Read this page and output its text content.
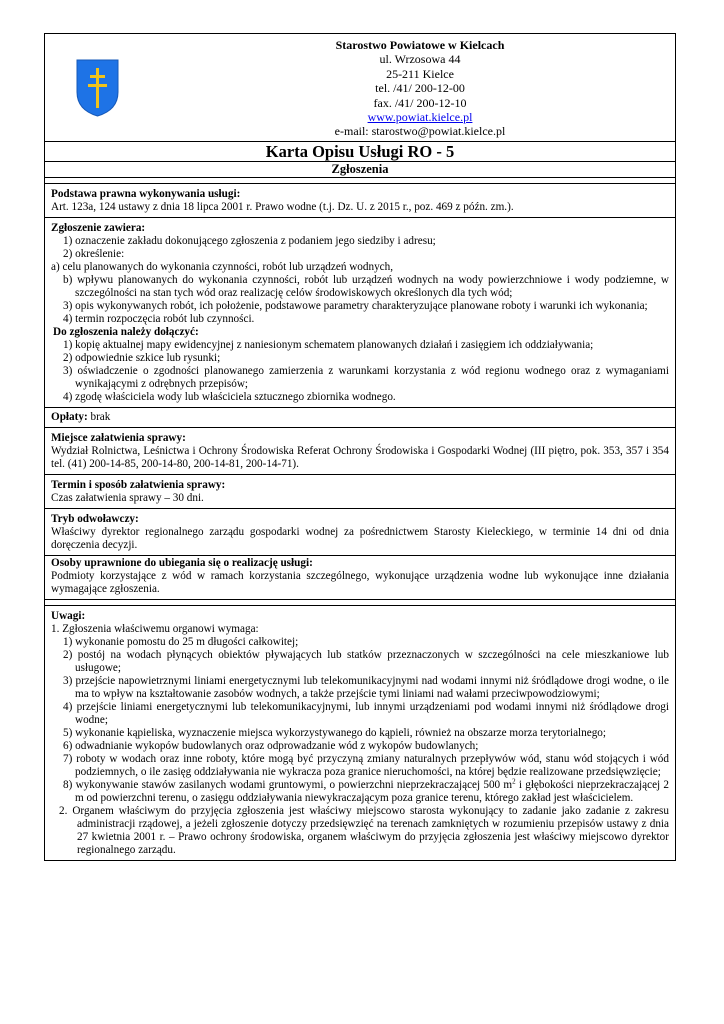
Starostwo Powiatowe w Kielcach
ul. Wrzosowa 44
25-211 Kielce
tel. /41/ 200-12-00
fax. /41/ 200-12-10
www.powiat.kielce.pl
e-mail: starostwo@powiat.kielce.pl
Karta Opisu Usługi RO - 5
Zgłoszenia
Podstawa prawna wykonywania usługi:
Art. 123a, 124 ustawy z dnia 18 lipca 2001 r. Prawo wodne (t.j. Dz. U. z 2015 r., poz. 469 z późn. zm.).
Zgłoszenie zawiera:
1) oznaczenie zakładu dokonującego zgłoszenia z podaniem jego siedziby i adresu;
2) określenie:
a) celu planowanych do wykonania czynności, robót lub urządzeń wodnych,
b) wpływu planowanych do wykonania czynności, robót lub urządzeń wodnych na wody powierzchniowe i wody podziemne, w szczególności na stan tych wód oraz realizację celów środowiskowych określonych dla tych wód;
3) opis wykonywanych robót, ich położenie, podstawowe parametry charakteryzujące planowane roboty i warunki ich wykonania;
4) termin rozpoczęcia robót lub czynności.
Do zgłoszenia należy dołączyć:
1) kopię aktualnej mapy ewidencyjnej z naniesionym schematem planowanych działań i zasięgiem ich oddziaływania;
2) odpowiednie szkice lub rysunki;
3) oświadczenie o zgodności planowanego zamierzenia z warunkami korzystania z wód regionu wodnego oraz z wymaganiami wynikającymi z odrębnych przepisów;
4) zgodę właściciela wody lub właściciela sztucznego zbiornika wodnego.
Opłaty: brak
Miejsce załatwienia sprawy:
Wydział Rolnictwa, Leśnictwa i Ochrony Środowiska Referat Ochrony Środowiska i Gospodarki Wodnej (III piętro, pok. 353, 357 i 354 tel. (41) 200-14-85, 200-14-80, 200-14-81, 200-14-71).
Termin i sposób załatwienia sprawy:
Czas załatwienia sprawy – 30 dni.
Tryb odwoławczy:
Właściwy dyrektor regionalnego zarządu gospodarki wodnej za pośrednictwem Starosty Kieleckiego, w terminie 14 dni od dnia doręczenia decyzji.
Osoby uprawnione do ubiegania się o realizację usługi:
Podmioty korzystające z wód w ramach korzystania szczególnego, wykonujące urządzenia wodne lub wykonujące inne działania wymagające zgłoszenia.
Uwagi:
1. Zgłoszenia właściwemu organowi wymaga:
1) wykonanie pomostu do 25 m długości całkowitej;
2) postój na wodach płynących obiektów pływających lub statków przeznaczonych w szczególności na cele mieszkaniowe lub usługowe;
3) przejście napowietrznymi liniami energetycznymi lub telekomunikacyjnymi nad wodami innymi niż śródlądowe drogi wodne, o ile ma to wpływ na kształtowanie zasobów wodnych, a także przejście tymi liniami nad wałami przeciwpowodziowymi;
4) przejście liniami energetycznymi lub telekomunikacyjnymi, lub innymi urządzeniami pod wodami innymi niż śródlądowe drogi wodne;
5) wykonanie kąpieliska, wyznaczenie miejsca wykorzystywanego do kąpieli, również na obszarze morza terytorialnego;
6) odwadnianie wykopów budowlanych oraz odprowadzanie wód z wykopów budowlanych;
7) roboty w wodach oraz inne roboty, które mogą być przyczyną zmiany naturalnych przepływów wód, stanu wód stojących i wód podziemnych, o ile zasięg oddziaływania nie wykracza poza granice nieruchomości, na której będzie realizowane przedsięwzięcie;
8) wykonywanie stawów zasilanych wodami gruntowymi, o powierzchni nieprzekraczającej 500 $m^2$ i głębokości nieprzekraczającej 2 m od powierzchni terenu, o zasięgu oddziaływania niewykraczającym poza granice terenu, którego zakład jest właścicielem.
2. Organem właściwym do przyjęcia zgłoszenia jest właściwy miejscowo starosta wykonujący to zadanie jako zadanie z zakresu administracji rządowej, a jeżeli zgłoszenie dotyczy przedsięwzięć na terenach zamkniętych w rozumieniu przepisów ustawy z dnia 27 kwietnia 2001 r. – Prawo ochrony środowiska, organem właściwym do przyjęcia zgłoszenia jest właściwy miejscowo dyrektor regionalnego zarządu.
